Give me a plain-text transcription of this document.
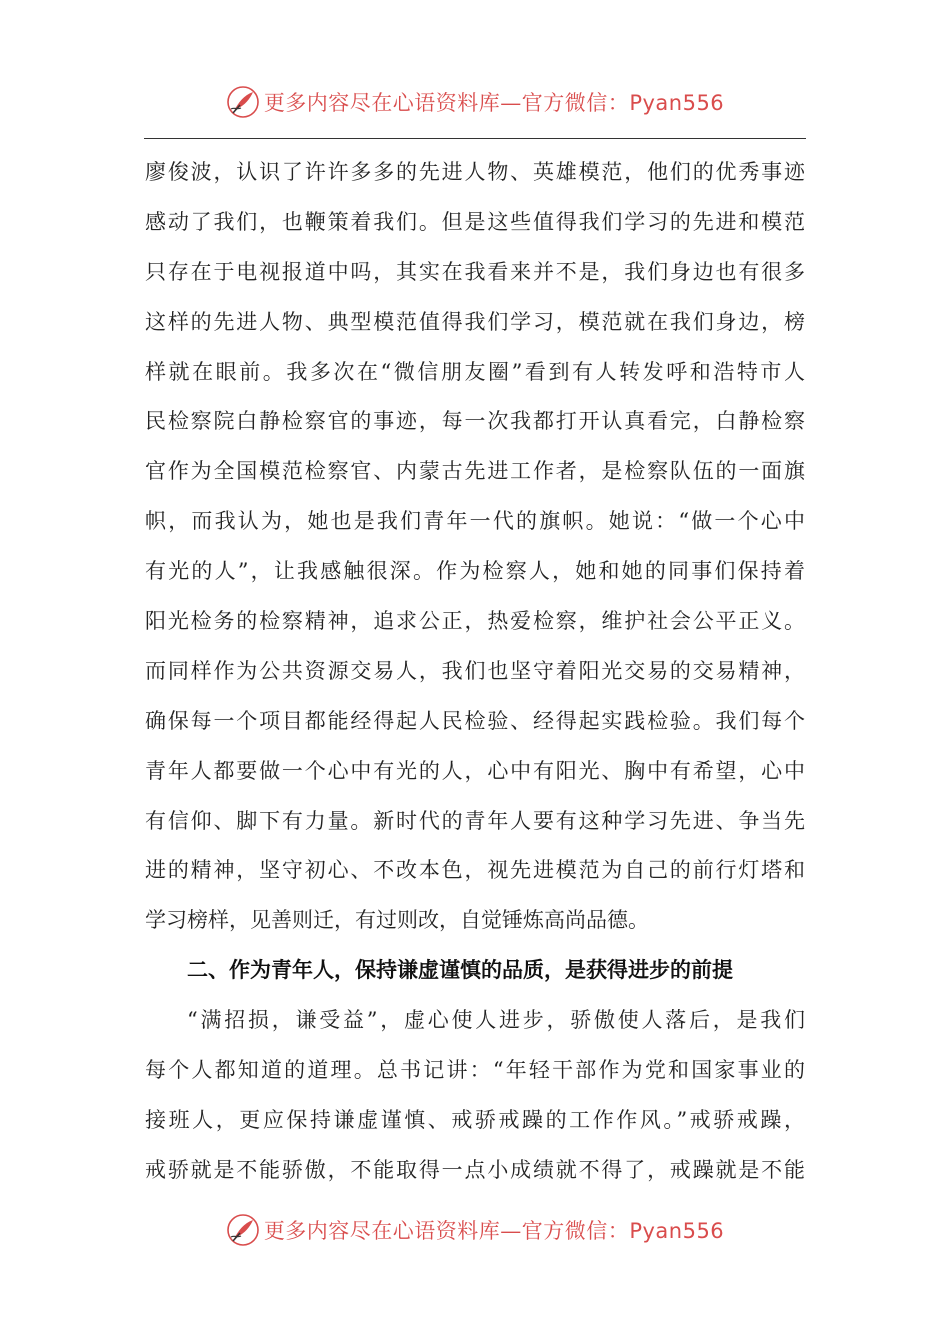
更多内容尽在心语资料库—官方微信：Pyan556
廖俊波，认识了许许多多的先进人物、英雄模范，他们的优秀事迹
感动了我们，也鞭策着我们。但是这些值得我们学习的先进和模范
只存在于电视报道中吗，其实在我看来并不是，我们身边也有很多
这样的先进人物、典型模范值得我们学习，模范就在我们身边，榜
样就在眼前。我多次在“微信朋友圈”看到有人转发呼和浩特市人
民检察院白静检察官的事迹，每一次我都打开认真看完，白静检察
官作为全国模范检察官、内蒙古先进工作者，是检察队伍的一面旗
帜，而我认为，她也是我们青年一代的旗帜。她说：“做一个心中
有光的人”，让我感触很深。作为检察人，她和她的同事们保持着
阳光检务的检察精神，追求公正，热爱检察，维护社会公平正义。
而同样作为公共资源交易人，我们也坚守着阳光交易的交易精神，
确保每一个项目都能经得起人民检验、经得起实践检验。我们每个
青年人都要做一个心中有光的人，心中有阳光、胸中有希望，心中
有信仰、脚下有力量。新时代的青年人要有这种学习先进、争当先
进的精神，坚守初心、不改本色，视先进模范为自己的前行灯塔和
学习榜样，见善则迁，有过则改，自觉锤炼高尚品德。
二、作为青年人，保持谦虚谨慎的品质，是获得进步的前提
“满招损，谦受益”，虚心使人进步，骄傲使人落后，是我们
每个人都知道的道理。总书记讲：“年轻干部作为党和国家事业的
接班人，更应保持谦虚谨慎、戒骄戒躁的工作作风。”戒骄戒躁，
戒骄就是不能骄傲，不能取得一点小成绩就不得了，戒躁就是不能
更多内容尽在心语资料库—官方微信：Pyan556
